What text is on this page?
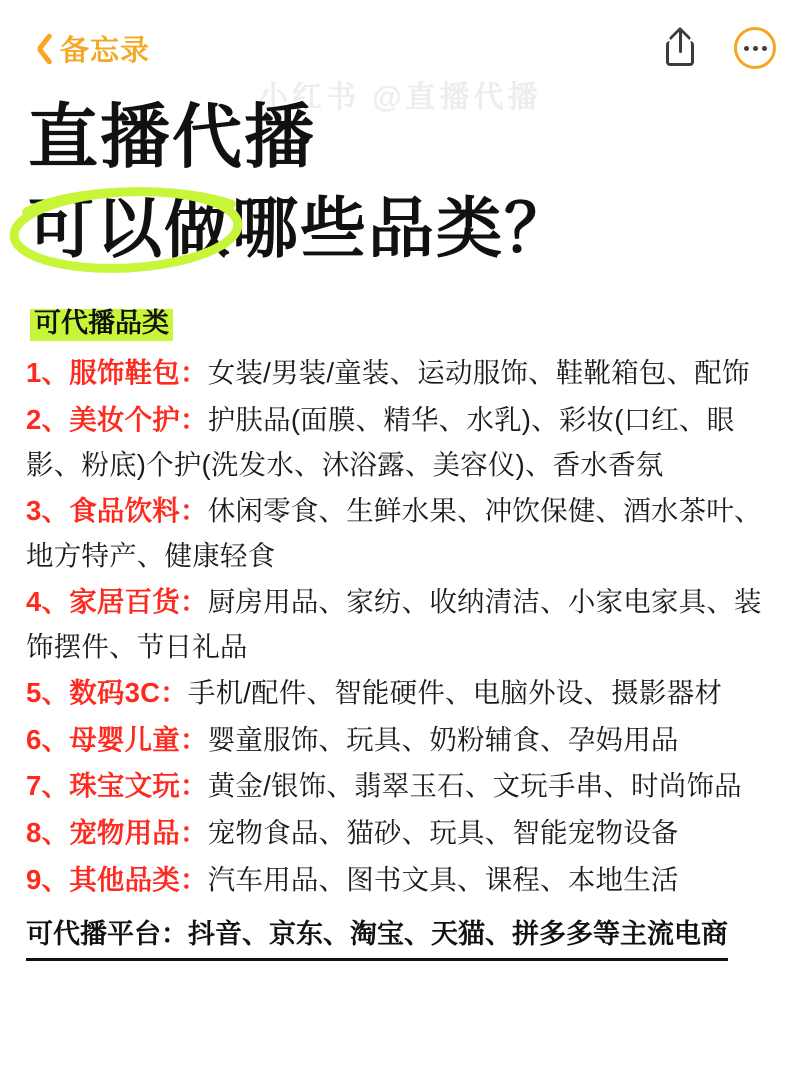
备忘录
小红书 @直播代播
直播代播
可以做哪些品类？
可代播品类
1、服饰鞋包：女装/男装/童装、运动服饰、鞋靴箱包、配饰
2、美妆个护：护肤品(面膜、精华、水乳)、彩妆(口红、眼影、粉底)个护(洗发水、沐浴露、美容仪)、香水香氛
3、食品饮料：休闲零食、生鲜水果、冲饮保健、酒水茶叶、地方特产、健康轻食
4、家居百货：厨房用品、家纺、收纳清洁、小家电家具、装饰摆件、节日礼品
5、数码3C：手机/配件、智能硬件、电脑外设、摄影器材
6、母婴儿童：婴童服饰、玩具、奶粉辅食、孕妈用品
7、珠宝文玩：黄金/银饰、翡翠玉石、文玩手串、时尚饰品
8、宠物用品：宠物食品、猫砂、玩具、智能宠物设备
9、其他品类：汽车用品、图书文具、课程、本地生活
可代播平台：抖音、京东、淘宝、天猫、拼多多等主流电商
